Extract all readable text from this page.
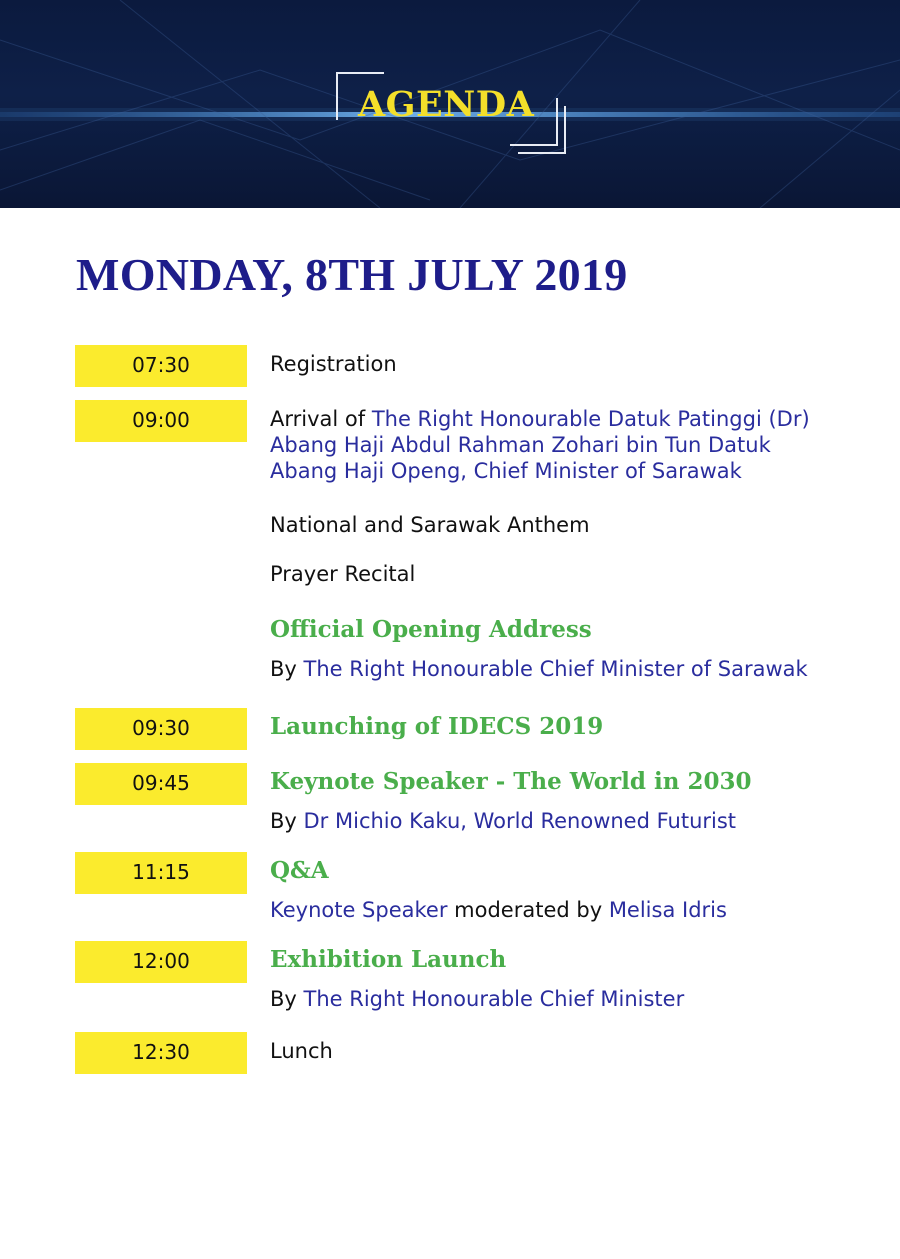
AGENDA
MONDAY, 8TH JULY 2019
07:30	Registration

09:00	Arrival of The Right Honourable Datuk Patinggi (Dr)

Abang Haji Abdul Rahman Zohari bin Tun Datuk

Abang Haji Openg, Chief Minister of Sarawak

National and Sarawak Anthem

Prayer Recital

Official Opening Address

By The Right Honourable Chief Minister of Sarawak

09:30	Launching of IDECS 2019

09:45	Keynote Speaker - The World in 2030

By Dr Michio Kaku, World Renowned Futurist

11:15	Q&A

Keynote Speaker moderated by Melisa Idris

12:00	Exhibition Launch

By The Right Honourable Chief Minister

12:30	Lunch
